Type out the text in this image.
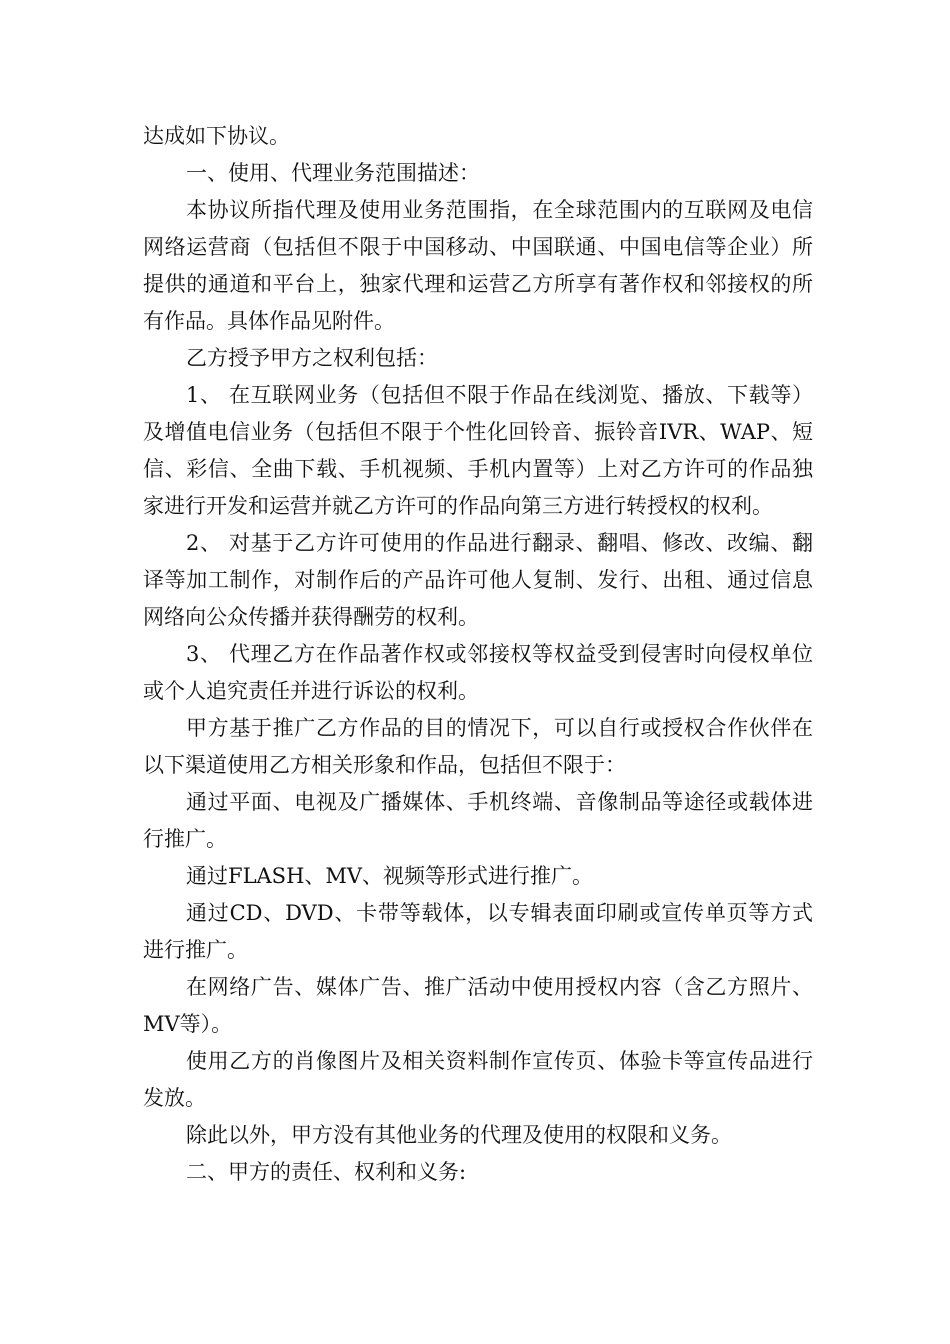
达成如下协议。

一、使用、代理业务范围描述：

本协议所指代理及使用业务范围指，在全球范围内的互联网及电信网络运营商（包括但不限于中国移动、中国联通、中国电信等企业）所提供的通道和平台上，独家代理和运营乙方所享有著作权和邻接权的所有作品。具体作品见附件。

乙方授予甲方之权利包括：

1、 在互联网业务（包括但不限于作品在线浏览、播放、下载等）及增值电信业务（包括但不限于个性化回铃音、振铃音IVR、WAP、短信、彩信、全曲下载、手机视频、手机内置等）上对乙方许可的作品独家进行开发和运营并就乙方许可的作品向第三方进行转授权的权利。

2、 对基于乙方许可使用的作品进行翻录、翻唱、修改、改编、翻译等加工制作，对制作后的产品许可他人复制、发行、出租、通过信息网络向公众传播并获得酬劳的权利。

3、 代理乙方在作品著作权或邻接权等权益受到侵害时向侵权单位或个人追究责任并进行诉讼的权利。

甲方基于推广乙方作品的目的情况下，可以自行或授权合作伙伴在以下渠道使用乙方相关形象和作品，包括但不限于：

通过平面、电视及广播媒体、手机终端、音像制品等途径或载体进行推广。

通过FLASH、MV、视频等形式进行推广。

通过CD、DVD、卡带等载体，以专辑表面印刷或宣传单页等方式进行推广。

在网络广告、媒体广告、推广活动中使用授权内容（含乙方照片、MV等）。

使用乙方的肖像图片及相关资料制作宣传页、体验卡等宣传品进行发放。

除此以外，甲方没有其他业务的代理及使用的权限和义务。

二、甲方的责任、权利和义务:
